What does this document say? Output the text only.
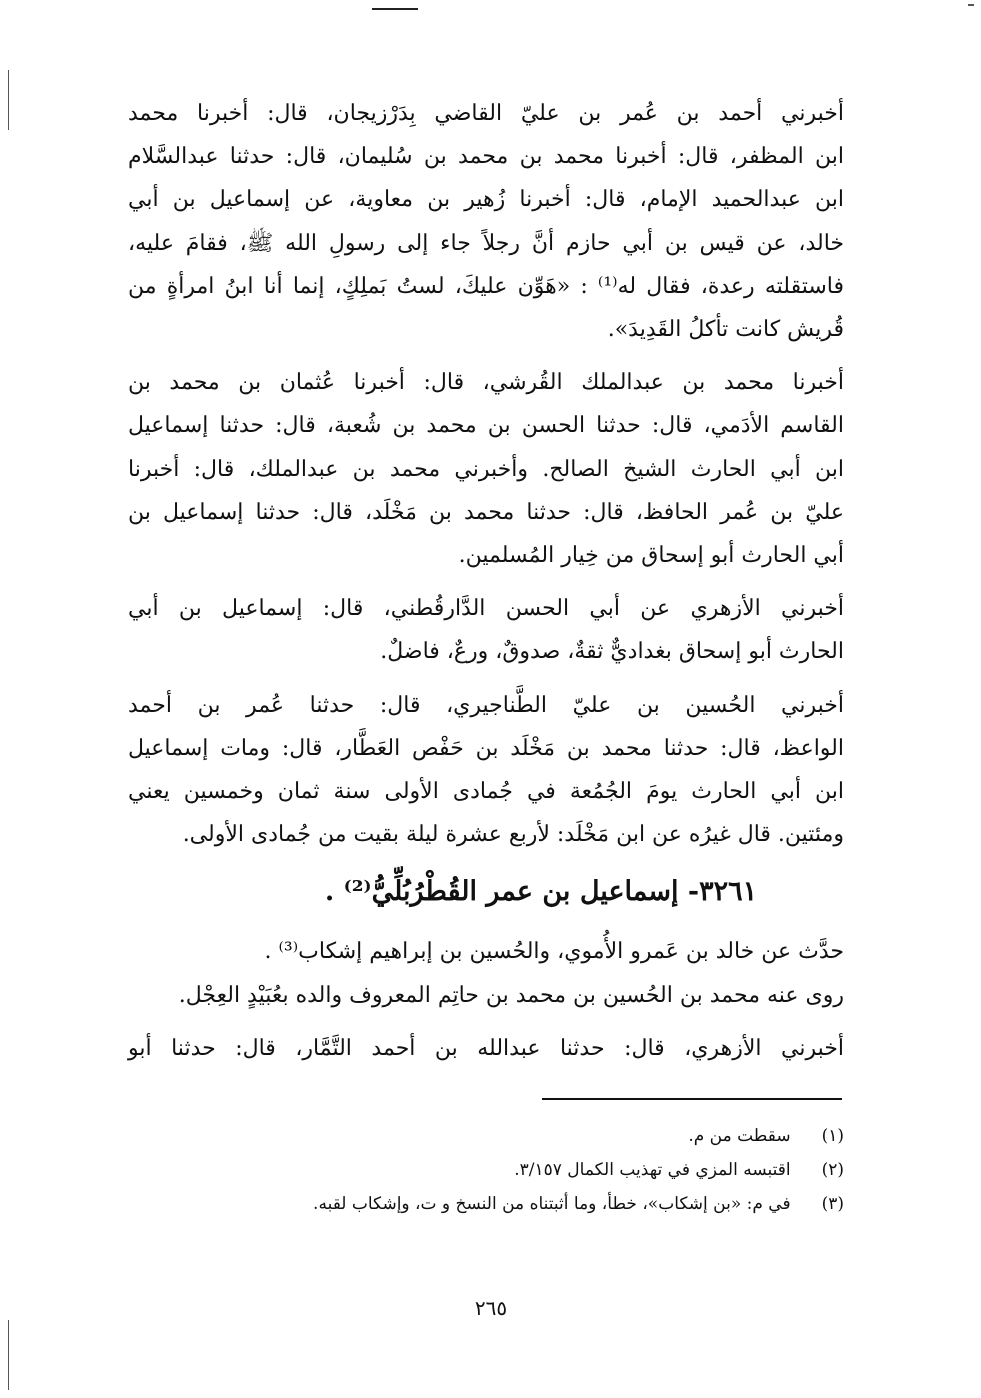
أخبرني أحمد بن عُمر بن عليّ القاضي بِدَرْزيجان، قال: أخبرنا محمد
ابن المظفر، قال: أخبرنا محمد بن محمد بن سُليمان، قال: حدثنا عبدالسَّلام
ابن عبدالحميد الإمام، قال: أخبرنا زُهير بن معاوية، عن إسماعيل بن أبي
خالد، عن قيس بن أبي حازم أنَّ رجلاً جاء إلى رسولِ الله ﷺ، فقامَ عليه،
فاستقلته رعدة، فقال له⁽¹⁾ : «هَوِّن عليكَ، لستُ بَملِكٍ، إنما أنا ابنُ امرأةٍ من
قُريش كانت تأكلُ القَدِيدَ».
أخبرنا محمد بن عبدالملك القُرشي، قال: أخبرنا عُثمان بن محمد بن
القاسم الأدَمي، قال: حدثنا الحسن بن محمد بن شُعبة، قال: حدثنا إسماعيل
ابن أبي الحارث الشيخ الصالح. وأخبرني محمد بن عبدالملك، قال: أخبرنا
عليّ بن عُمر الحافظ، قال: حدثنا محمد بن مَخْلَد، قال: حدثنا إسماعيل بن
أبي الحارث أبو إسحاق من خِيار المُسلمين.
أخبرني الأزهري عن أبي الحسن الدَّارقُطني، قال: إسماعيل بن أبي
الحارث أبو إسحاق بغداديٌّ ثقةٌ، صدوقٌ، ورعٌ، فاضلٌ.
أخبرني الحُسين بن عليّ الطَّناجيري، قال: حدثنا عُمر بن أحمد
الواعظ، قال: حدثنا محمد بن مَخْلَد بن حَفْص العَطَّار، قال: ومات إسماعيل
ابن أبي الحارث يومَ الجُمُعة في جُمادى الأولى سنة ثمان وخمسين يعني
ومئتين. قال غيرُه عن ابن مَخْلَد: لأربع عشرة ليلة بقيت من جُمادى الأولى.
٣٢٦١- إسماعيل بن عمر القُطْرُبُلِّيُّ⁽²⁾ .
حدَّث عن خالد بن عَمرو الأُموي، والحُسين بن إبراهيم إشكاب⁽³⁾ .
روى عنه محمد بن الحُسين بن محمد بن حاتِم المعروف والده بعُبَيْدٍ العِجْل.
أخبرني الأزهري، قال: حدثنا عبدالله بن أحمد التَّمَّار، قال: حدثنا أبو
(١) سقطت من م.
(٢) اقتبسه المزي في تهذيب الكمال ٣/١٥٧.
(٣) في م: «بن إشكاب»، خطأ، وما أثبتناه من النسخ و ت، وإشكاب لقبه.
٢٦٥
